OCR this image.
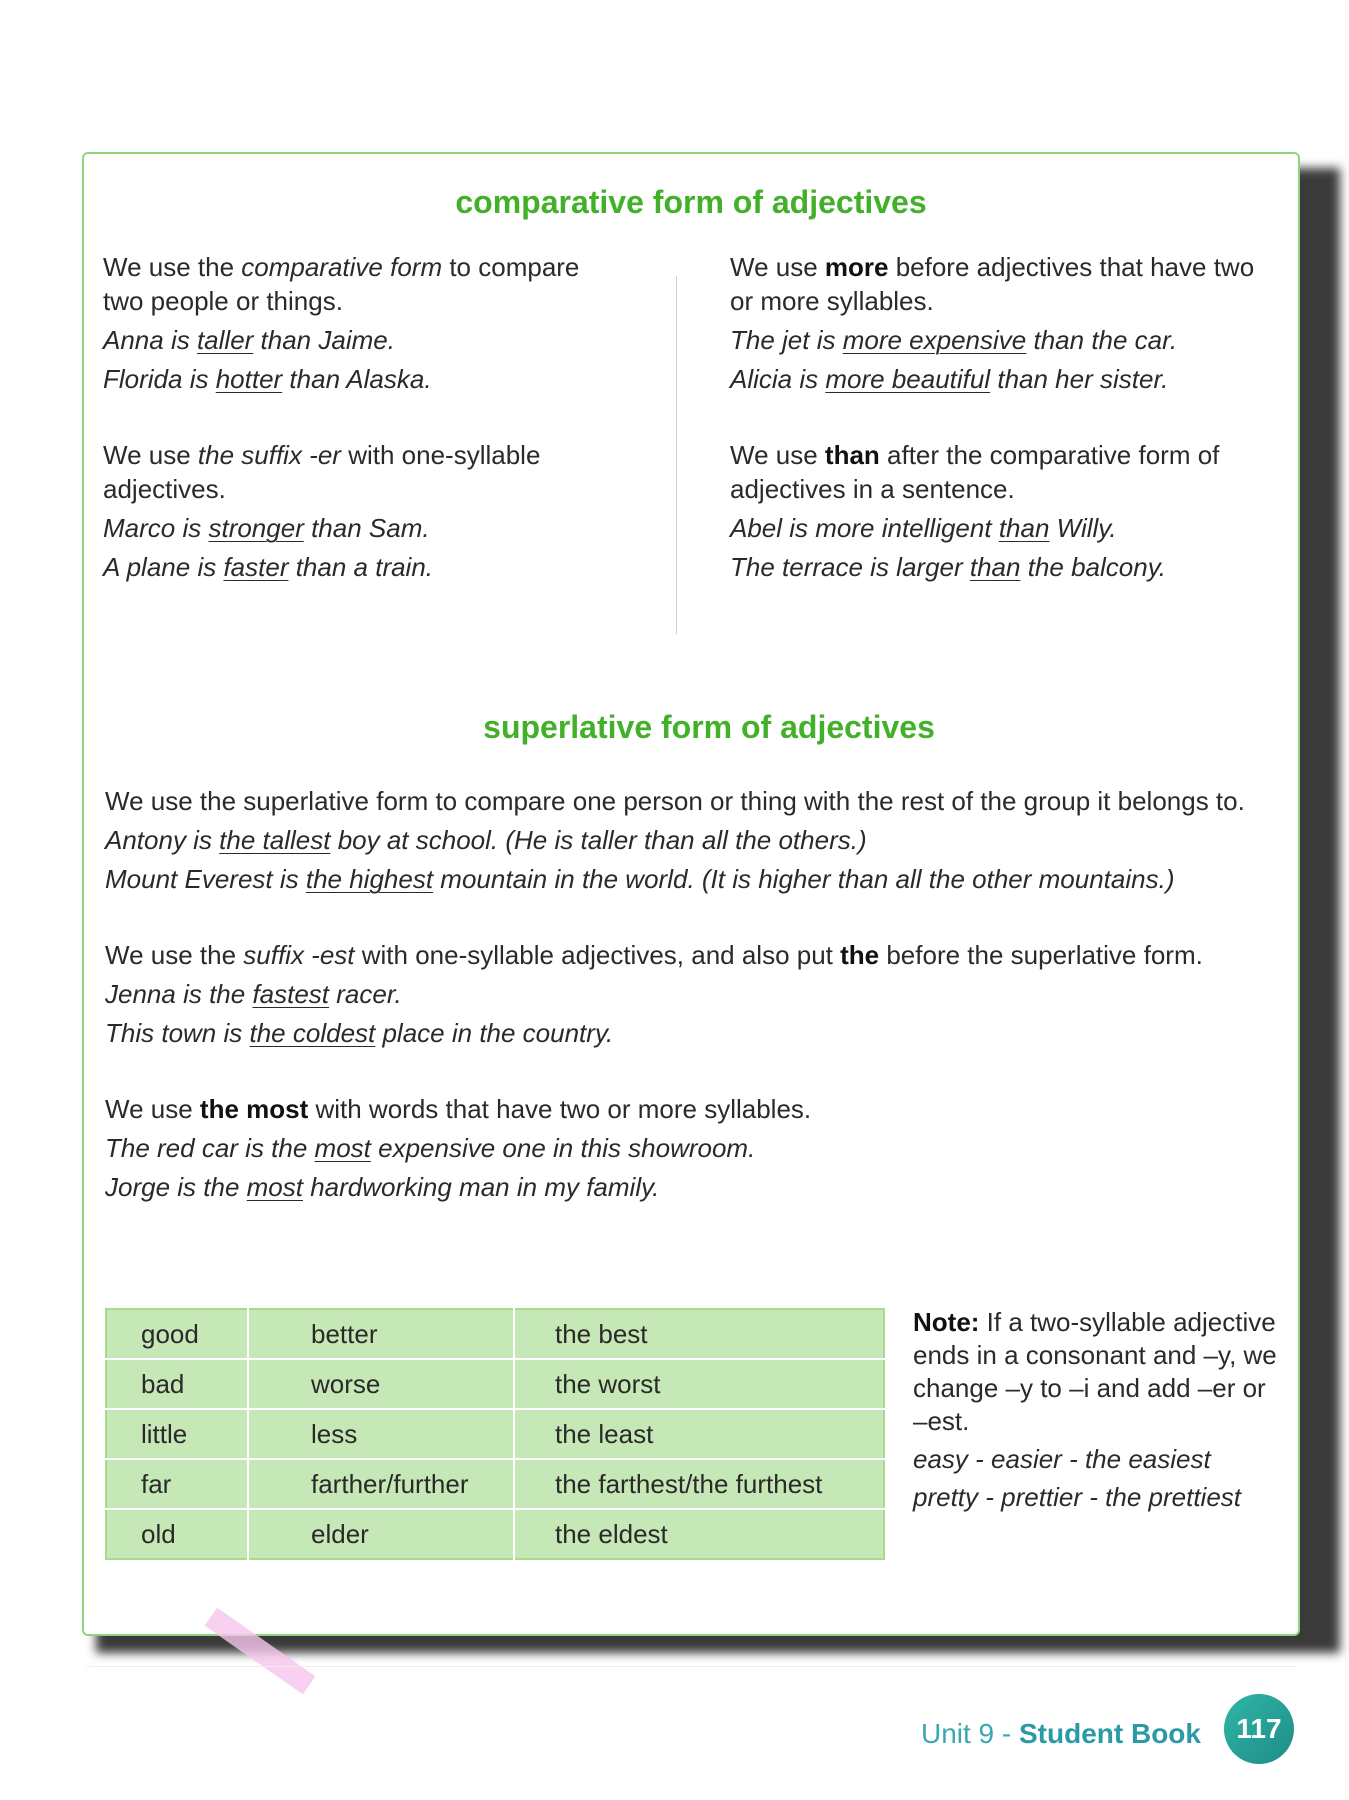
comparative form of adjectives

We use the comparative form to compare two people or things.

Anna is taller than Jaime.

Florida is hotter than Alaska.

We use the suffix -er with one-syllable adjectives.

Marco is stronger than Sam.

A plane is faster than a train.

We use more before adjectives that have two or more syllables.

The jet is more expensive than the car.

Alicia is more beautiful than her sister.

We use than after the comparative form of adjectives in a sentence.

Abel is more intelligent than Willy.

The terrace is larger than the balcony.

superlative form of adjectives

We use the superlative form to compare one person or thing with the rest of the group it belongs to.

Antony is the tallest boy at school. (He is taller than all the others.)

Mount Everest is the highest mountain in the world. (It is higher than all the other mountains.)

We use the suffix -est with one-syllable adjectives, and also put the before the superlative form.

Jenna is the fastest racer.

This town is the coldest place in the country.

We use the most with words that have two or more syllables.

The red car is the most expensive one in this showroom.

Jorge is the most hardworking man in my family.

good	better	the best
bad	worse	the worst
little	less	the least
far	farther/further	the farthest/the furthest
old	elder	the eldest

Note: If a two-syllable adjective ends in a consonant and –y, we change –y to –i and add –er or –est.

easy - easier - the easiest

pretty - prettier - the prettiest

Unit 9 - Student Book	117
